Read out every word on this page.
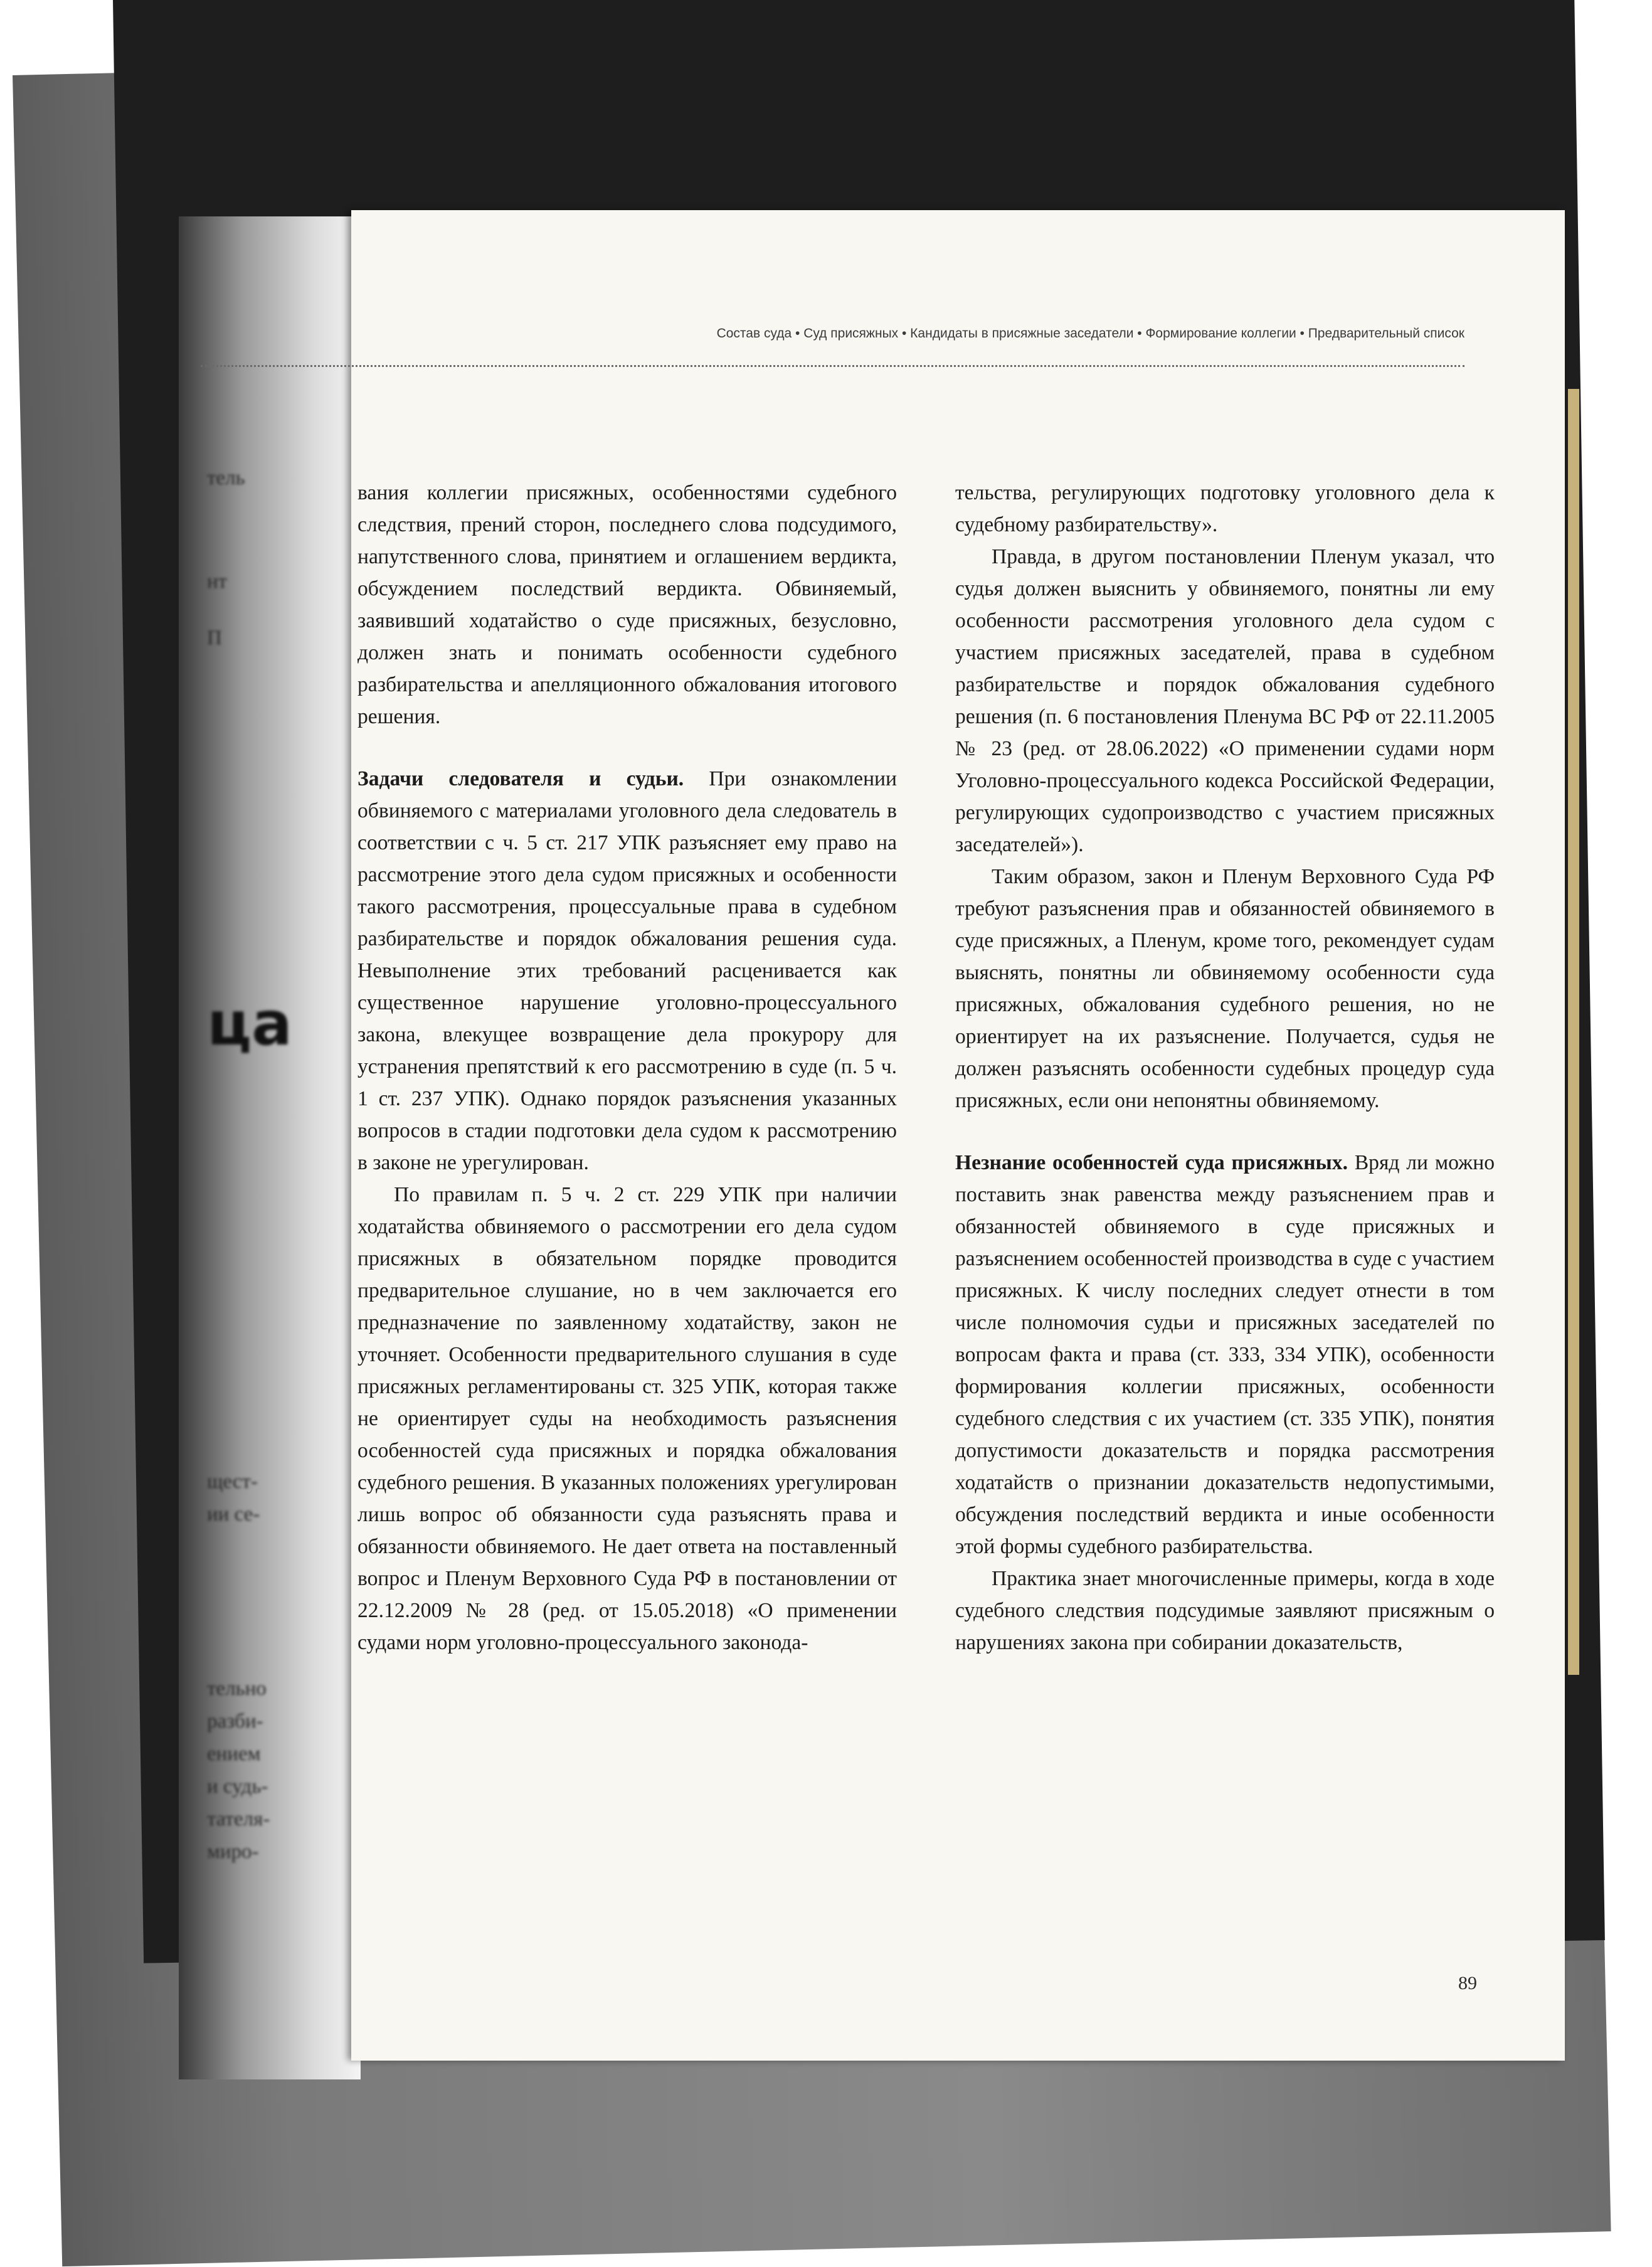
тель
нт
П
ца
щест-
ии се-
тельно
разби-
ением
и судь-
тателя-
миро-
Состав суда • Суд присяжных • Кандидаты в присяжные заседатели • Формирование коллегии • Предварительный список

вания коллегии присяжных, особенностями судебного следствия, прений сторон, последнего слова подсудимого, напутственного слова, принятием и оглашением вердикта, обсуждением последствий вердикта. Обвиняемый, заявивший ходатайство о суде присяжных, безусловно, должен знать и понимать особенности судебного разбирательства и апелляционного обжалования итогового решения.

Задачи следователя и судьи. При ознакомлении обвиняемого с материалами уголовного дела следователь в соответствии с ч. 5 ст. 217 УПК разъясняет ему право на рассмотрение этого дела судом присяжных и особенности такого рассмотрения, процессуальные права в судебном разбирательстве и порядок обжалования решения суда. Невыполнение этих требований расценивается как существенное нарушение уголовно-процессуального закона, влекущее возвращение дела прокурору для устранения препятствий к его рассмотрению в суде (п. 5 ч. 1 ст. 237 УПК). Однако порядок разъяснения указанных вопросов в стадии подготовки дела судом к рассмотрению в законе не урегулирован.

По правилам п. 5 ч. 2 ст. 229 УПК при наличии ходатайства обвиняемого о рассмотрении его дела судом присяжных в обязательном порядке проводится предварительное слушание, но в чем заключается его предназначение по заявленному ходатайству, закон не уточняет. Особенности предварительного слушания в суде присяжных регламентированы ст. 325 УПК, которая также не ориентирует суды на необходимость разъяснения особенностей суда присяжных и порядка обжалования судебного решения. В указанных положениях урегулирован лишь вопрос об обязанности суда разъяснять права и обязанности обвиняемого. Не дает ответа на поставленный вопрос и Пленум Верховного Суда РФ в постановлении от 22.12.2009 № 28 (ред. от 15.05.2018) «О применении судами норм уголовно-процессуального законода-

тельства, регулирующих подготовку уголовного дела к судебному разбирательству».

Правда, в другом постановлении Пленум указал, что судья должен выяснить у обвиняемого, понятны ли ему особенности рассмотрения уголовного дела судом с участием присяжных заседателей, права в судебном разбирательстве и порядок обжалования судебного решения (п. 6 постановления Пленума ВС РФ от 22.11.2005 № 23 (ред. от 28.06.2022) «О применении судами норм Уголовно-процессуального кодекса Российской Федерации, регулирующих судопроизводство с участием присяжных заседателей»).

Таким образом, закон и Пленум Верховного Суда РФ требуют разъяснения прав и обязанностей обвиняемого в суде присяжных, а Пленум, кроме того, рекомендует судам выяснять, понятны ли обвиняемому особенности суда присяжных, обжалования судебного решения, но не ориентирует на их разъяснение. Получается, судья не должен разъяснять особенности судебных процедур суда присяжных, если они непонятны обвиняемому.

Незнание особенностей суда присяжных. Вряд ли можно поставить знак равенства между разъяснением прав и обязанностей обвиняемого в суде присяжных и разъяснением особенностей производства в суде с участием присяжных. К числу последних следует отнести в том числе полномочия судьи и присяжных заседателей по вопросам факта и права (ст. 333, 334 УПК), особенности формирования коллегии присяжных, особенности судебного следствия с их участием (ст. 335 УПК), понятия допустимости доказательств и порядка рассмотрения ходатайств о признании доказательств недопустимыми, обсуждения последствий вердикта и иные особенности этой формы судебного разбирательства.

Практика знает многочисленные примеры, когда в ходе судебного следствия подсудимые заявляют присяжным о нарушениях закона при собирании доказательств,

89
